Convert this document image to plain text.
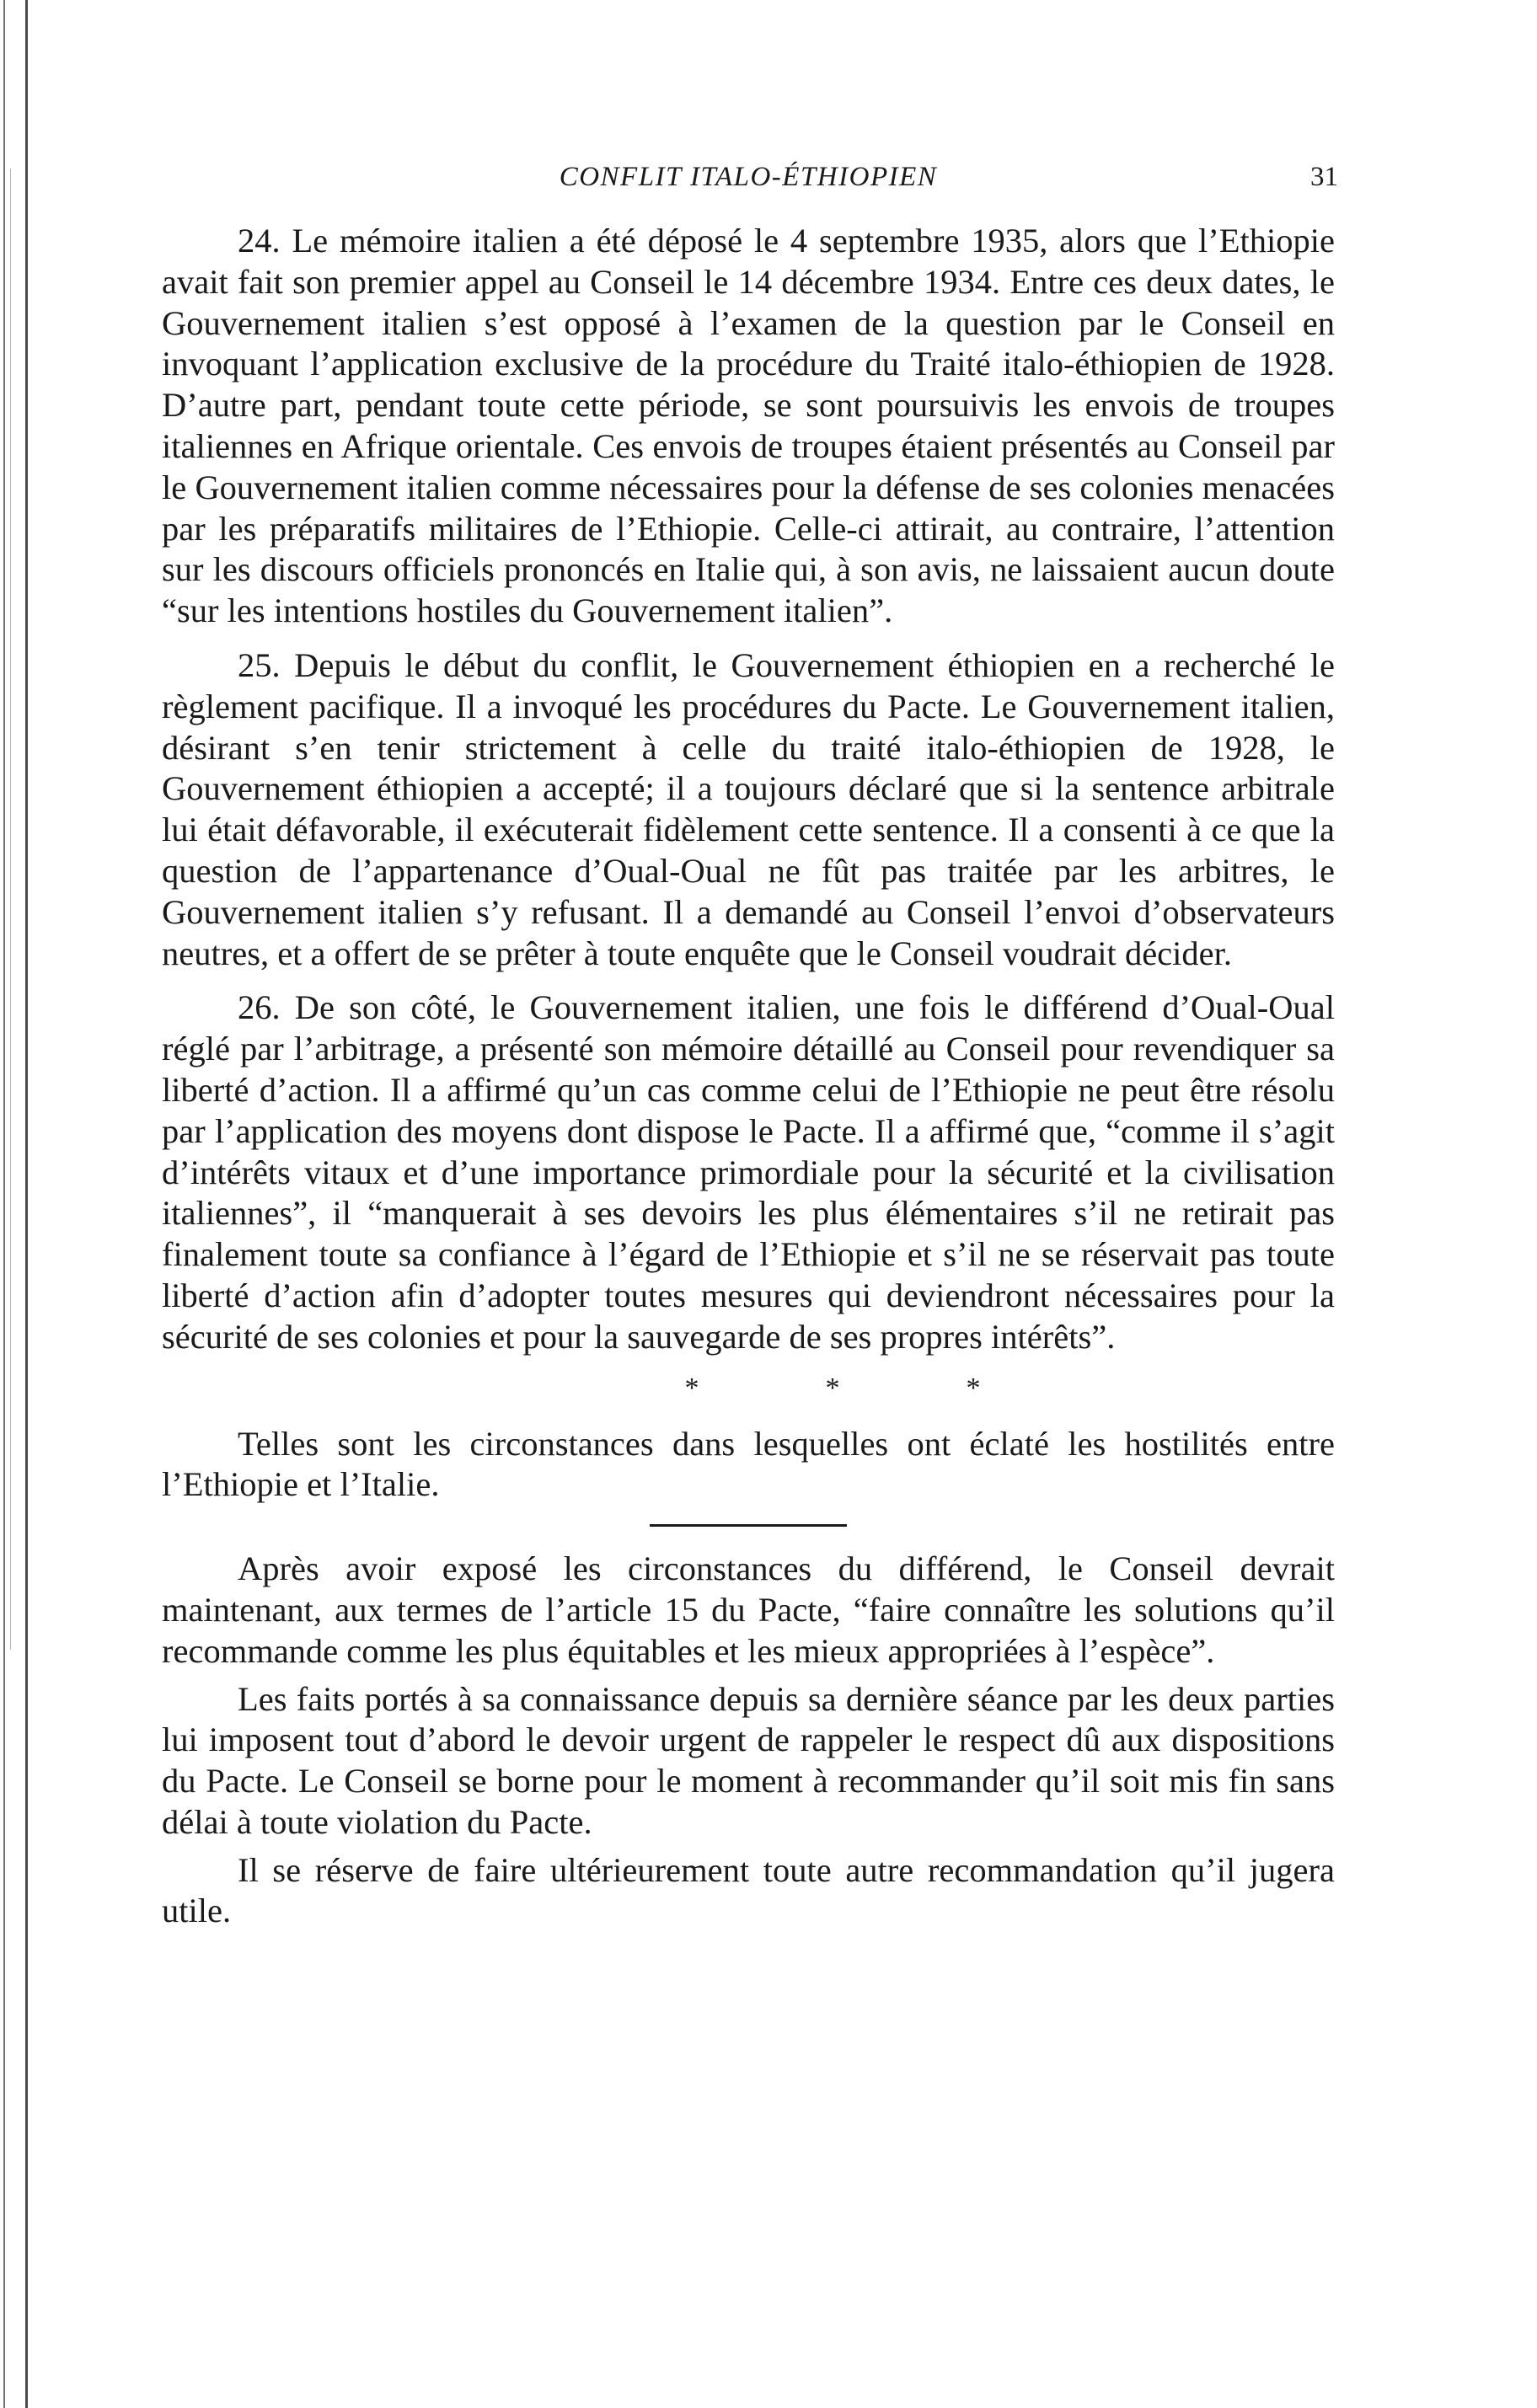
CONFLIT ITALO-ÉTHIOPIEN	31

24. Le mémoire italien a été déposé le 4 septembre 1935, alors que l’Ethiopie avait fait son premier appel au Conseil le 14 décembre 1934. Entre ces deux dates, le Gouvernement italien s’est opposé à l’examen de la question par le Conseil en invoquant l’application exclusive de la procédure du Traité italo-éthiopien de 1928. D’autre part, pendant toute cette période, se sont poursuivis les envois de troupes italiennes en Afrique orientale. Ces envois de troupes étaient présentés au Conseil par le Gouvernement italien comme nécessaires pour la défense de ses colonies menacées par les préparatifs militaires de l’Ethiopie. Celle-ci attirait, au contraire, l’attention sur les discours officiels prononcés en Italie qui, à son avis, ne laissaient aucun doute “sur les intentions hostiles du Gouvernement italien”.

25. Depuis le début du conflit, le Gouvernement éthiopien en a recherché le règlement pacifique. Il a invoqué les procédures du Pacte. Le Gouvernement italien, désirant s’en tenir strictement à celle du traité italo-éthiopien de 1928, le Gouvernement éthiopien a accepté; il a toujours déclaré que si la sentence arbitrale lui était défavorable, il exécuterait fidèlement cette sentence. Il a consenti à ce que la question de l’appartenance d’Oual-Oual ne fût pas traitée par les arbitres, le Gouvernement italien s’y refusant. Il a demandé au Conseil l’envoi d’observateurs neutres, et a offert de se prêter à toute enquête que le Conseil voudrait décider.

26. De son côté, le Gouvernement italien, une fois le différend d’Oual-Oual réglé par l’arbitrage, a présenté son mémoire détaillé au Conseil pour revendiquer sa liberté d’action. Il a affirmé qu’un cas comme celui de l’Ethiopie ne peut être résolu par l’application des moyens dont dispose le Pacte. Il a affirmé que, “comme il s’agit d’intérêts vitaux et d’une importance primordiale pour la sécurité et la civilisation italiennes”, il “manquerait à ses devoirs les plus élémentaires s’il ne retirait pas finalement toute sa confiance à l’égard de l’Ethiopie et s’il ne se réservait pas toute liberté d’action afin d’adopter toutes mesures qui deviendront nécessaires pour la sécurité de ses colonies et pour la sauvegarde de ses propres intérêts”.

*	*	*

Telles sont les circonstances dans lesquelles ont éclaté les hostilités entre l’Ethiopie et l’Italie.

Après avoir exposé les circonstances du différend, le Conseil devrait maintenant, aux termes de l’article 15 du Pacte, “faire connaître les solutions qu’il recommande comme les plus équitables et les mieux appropriées à l’espèce”.

Les faits portés à sa connaissance depuis sa dernière séance par les deux parties lui imposent tout d’abord le devoir urgent de rappeler le respect dû aux dispositions du Pacte. Le Conseil se borne pour le moment à recommander qu’il soit mis fin sans délai à toute violation du Pacte.

Il se réserve de faire ultérieurement toute autre recommandation qu’il jugera utile.
